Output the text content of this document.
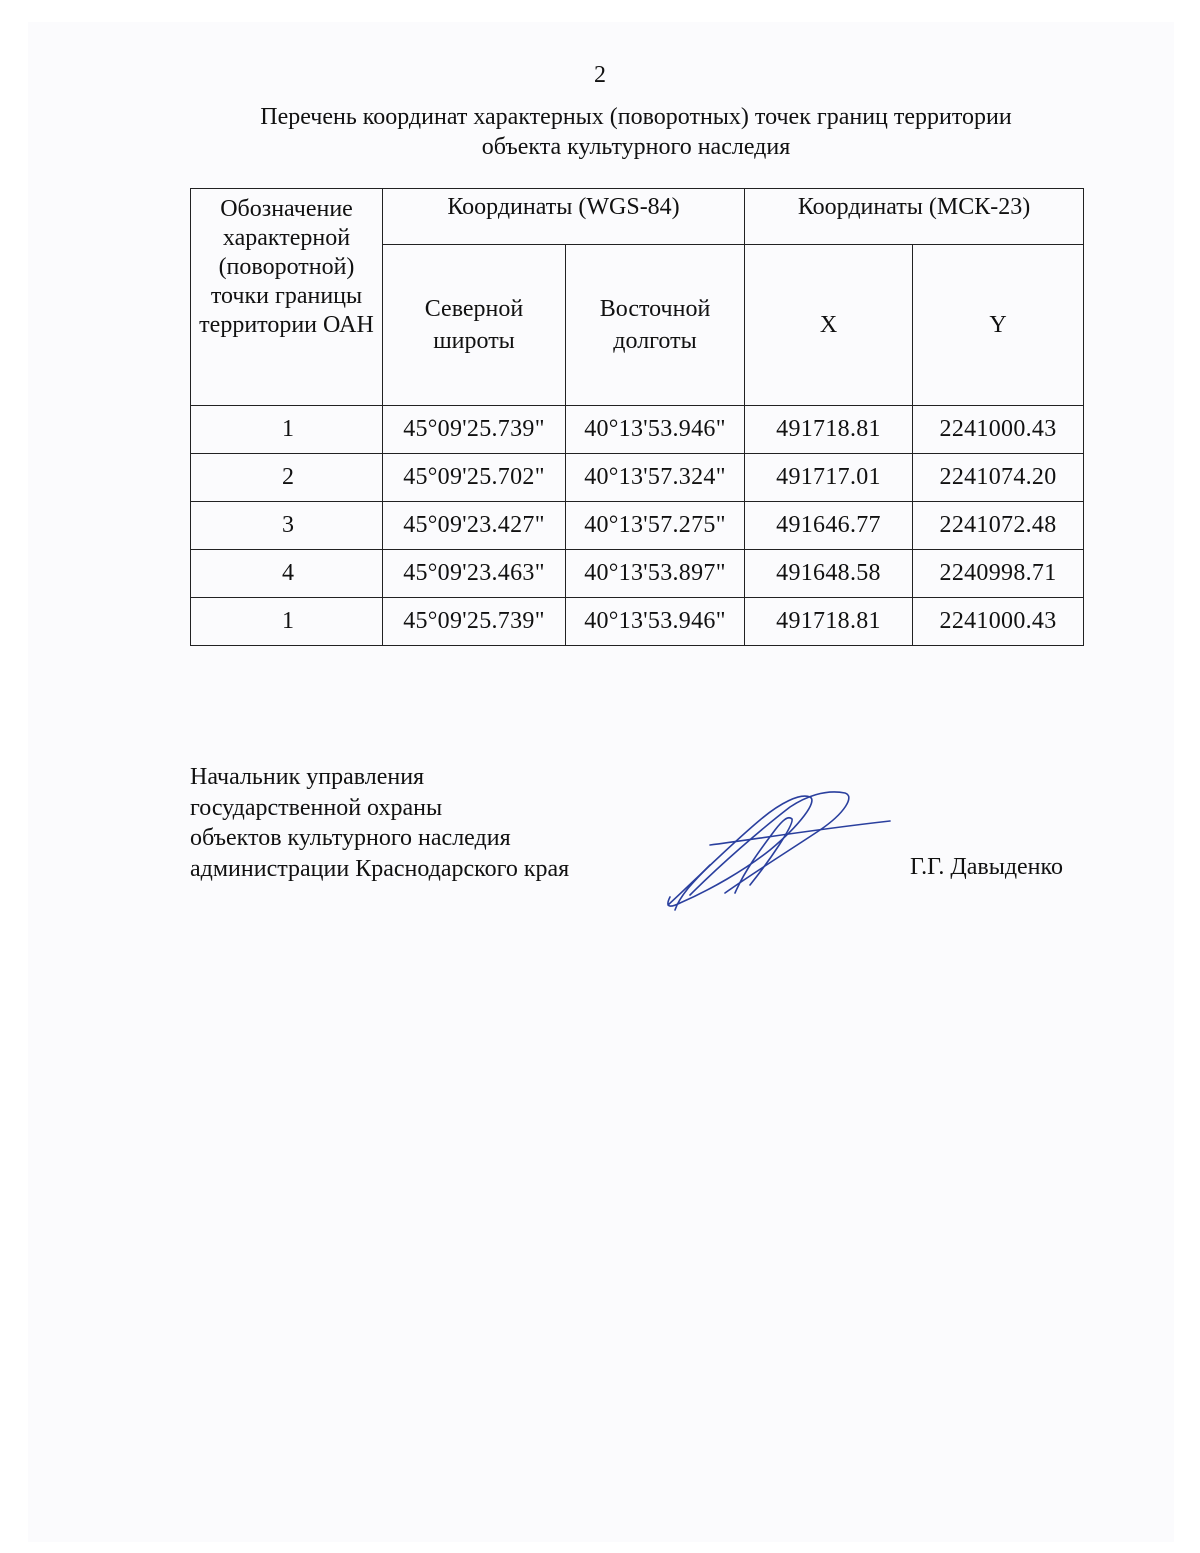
2
Перечень координат характерных (поворотных) точек границ территории
объекта культурного наследия
Обозначение характерной (поворотной) точки границы территории ОАН	Координаты (WGS-84)		Координаты (МСК-23)	
	Северной широты	Восточной долготы	X	Y
1	45°09'25.739"	40°13'53.946"	491718.81	2241000.43
2	45°09'25.702"	40°13'57.324"	491717.01	2241074.20
3	45°09'23.427"	40°13'57.275"	491646.77	2241072.48
4	45°09'23.463"	40°13'53.897"	491648.58	2240998.71
1	45°09'25.739"	40°13'53.946"	491718.81	2241000.43
Начальник управления
государственной охраны
объектов культурного наследия
администрации Краснодарского края	Г.Г. Давыденко
